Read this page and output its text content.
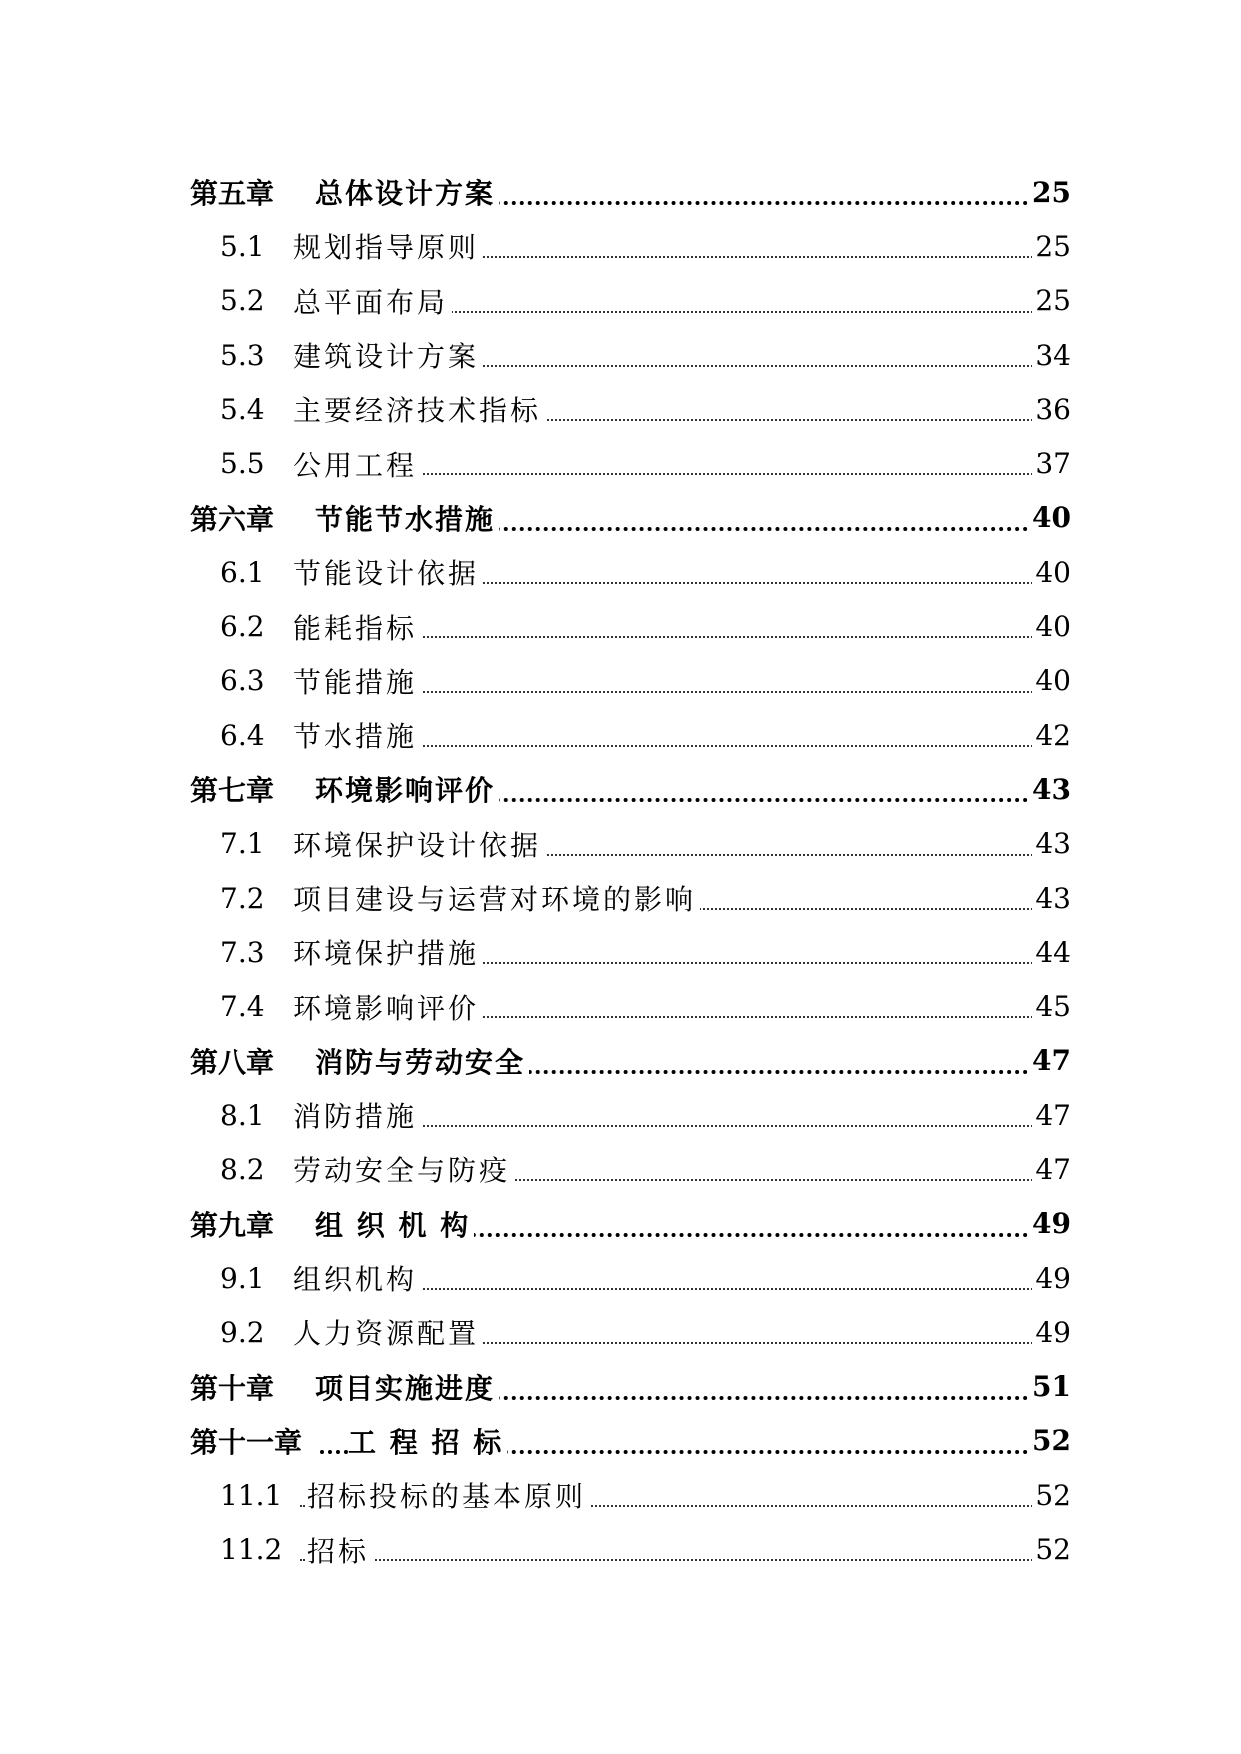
第五章 总体设计方案	25
5.1 规划指导原则	25
5.2 总平面布局	25
5.3 建筑设计方案	34
5.4 主要经济技术指标	36
5.5 公用工程	37
第六章 节能节水措施	40
6.1 节能设计依据	40
6.2 能耗指标	40
6.3 节能措施	40
6.4 节水措施	42
第七章 环境影响评价	43
7.1 环境保护设计依据	43
7.2 项目建设与运营对环境的影响	43
7.3 环境保护措施	44
7.4 环境影响评价	45
第八章 消防与劳动安全	47
8.1 消防措施	47
8.2 劳动安全与防疫	47
第九章 组 织 机 构	49
9.1 组织机构	49
9.2 人力资源配置	49
第十章 项目实施进度	51
第十一章 工 程 招 标	52
11.1 招标投标的基本原则	52
11.2 招标	52
